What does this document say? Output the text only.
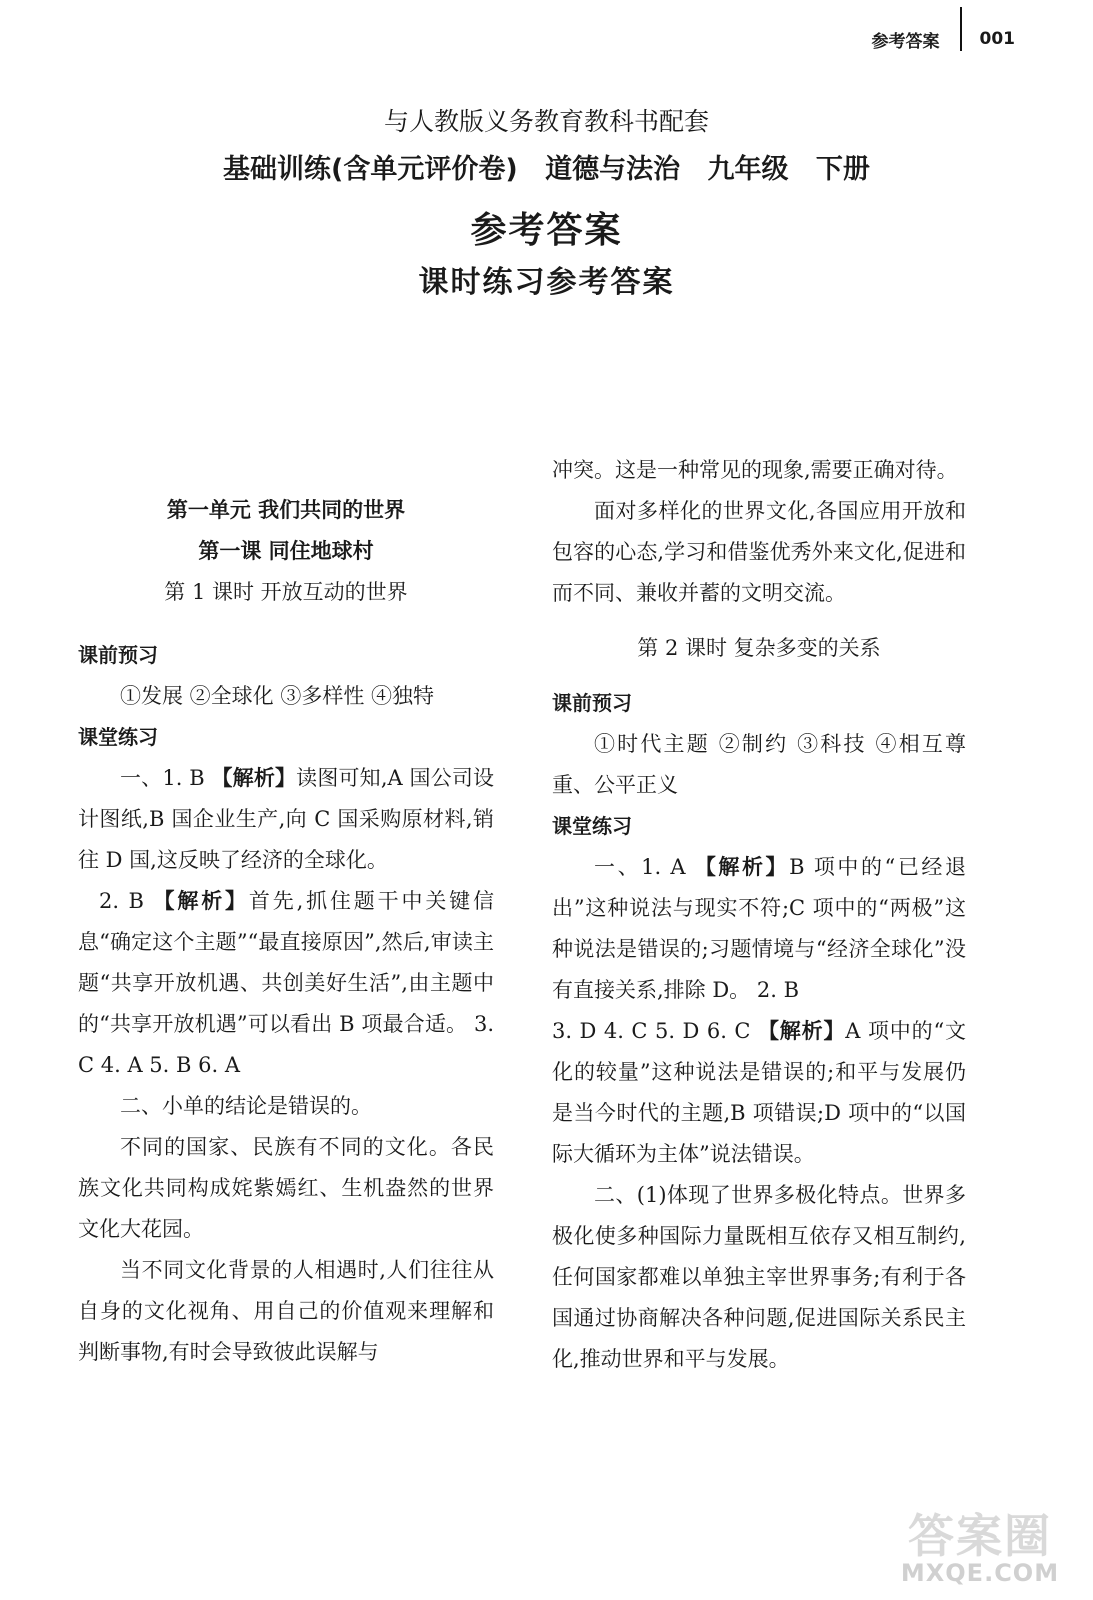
参考答案 001
与人教版义务教育教科书配套
基础训练(含单元评价卷) 道德与法治 九年级 下册
参考答案
课时练习参考答案

第一单元 我们共同的世界

第一课 同住地球村

第 1 课时 开放互动的世界

课前预习

①发展 ②全球化 ③多样性 ④独特

课堂练习

一、1. B 【解析】读图可知,A 国公司设计图纸,B 国企业生产,向 C 国采购原材料,销往 D 国,这反映了经济的全球化。

2. B 【解析】首先,抓住题干中关键信息“确定这个主题”“最直接原因”,然后,审读主题“共享开放机遇、共创美好生活”,由主题中的“共享开放机遇”可以看出 B 项最合适。 3. C 4. A 5. B 6. A

二、小单的结论是错误的。

不同的国家、民族有不同的文化。各民族文化共同构成姹紫嫣红、生机盎然的世界文化大花园。

当不同文化背景的人相遇时,人们往往从自身的文化视角、用自己的价值观来理解和判断事物,有时会导致彼此误解与

冲突。这是一种常见的现象,需要正确对待。

面对多样化的世界文化,各国应用开放和包容的心态,学习和借鉴优秀外来文化,促进和而不同、兼收并蓄的文明交流。

第 2 课时 复杂多变的关系

课前预习

①时代主题 ②制约 ③科技 ④相互尊重、公平正义

课堂练习

一、1. A 【解析】B 项中的“已经退出”这种说法与现实不符;C 项中的“两极”这种说法是错误的;习题情境与“经济全球化”没有直接关系,排除 D。 2. B

3. D 4. C 5. D 6. C 【解析】A 项中的“文化的较量”这种说法是错误的;和平与发展仍是当今时代的主题,B 项错误;D 项中的“以国际大循环为主体”说法错误。

二、(1)体现了世界多极化特点。世界多极化使多种国际力量既相互依存又相互制约,任何国家都难以单独主宰世界事务;有利于各国通过协商解决各种问题,促进国际关系民主化,推动世界和平与发展。

答案圈
MXQE.COM
